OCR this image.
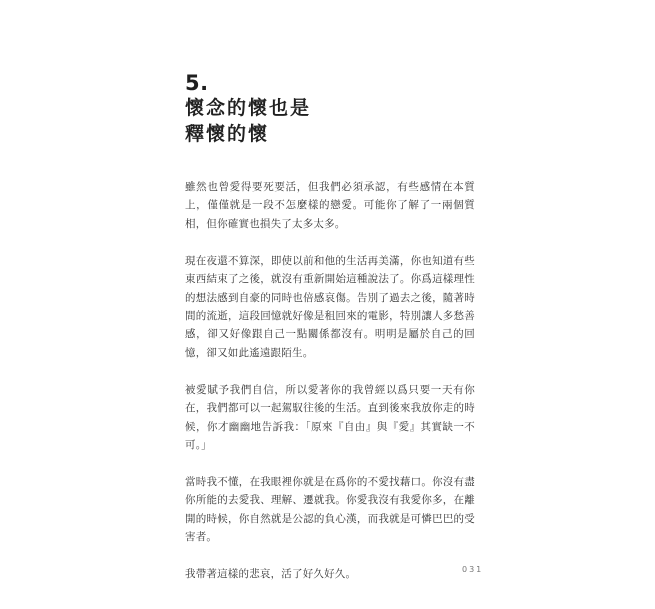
5.
懷念的懷也是
釋懷的懷

雖然也曾愛得要死要活，但我們必須承認，有些感情在本質上，僅僅就是一段不怎麼樣的戀愛。可能你了解了一兩個質相，但你確實也損失了太多太多。

現在夜還不算深，即使以前和他的生活再美滿，你也知道有些東西結束了之後，就沒有重新開始這種說法了。你爲這樣理性的想法感到自豪的同時也倍感哀傷。告別了過去之後，隨著時間的流逝，這段回憶就好像是租回來的電影，特別讓人多愁善感，卻又好像跟自己一點關係都沒有。明明是屬於自己的回憶，卻又如此遙遠跟陌生。

被愛賦予我們自信，所以愛著你的我曾經以爲只要一天有你在，我們都可以一起駕馭往後的生活。直到後來我放你走的時候，你才幽幽地告訴我：「原來『自由』與『愛』其實缺一不可。」

當時我不懂，在我眼裡你就是在爲你的不愛找藉口。你沒有盡你所能的去愛我、理解、遷就我。你愛我沒有我愛你多，在離開的時候，你自然就是公認的負心漢，而我就是可憐巴巴的受害者。

我帶著這樣的悲哀，活了好久好久。	031
